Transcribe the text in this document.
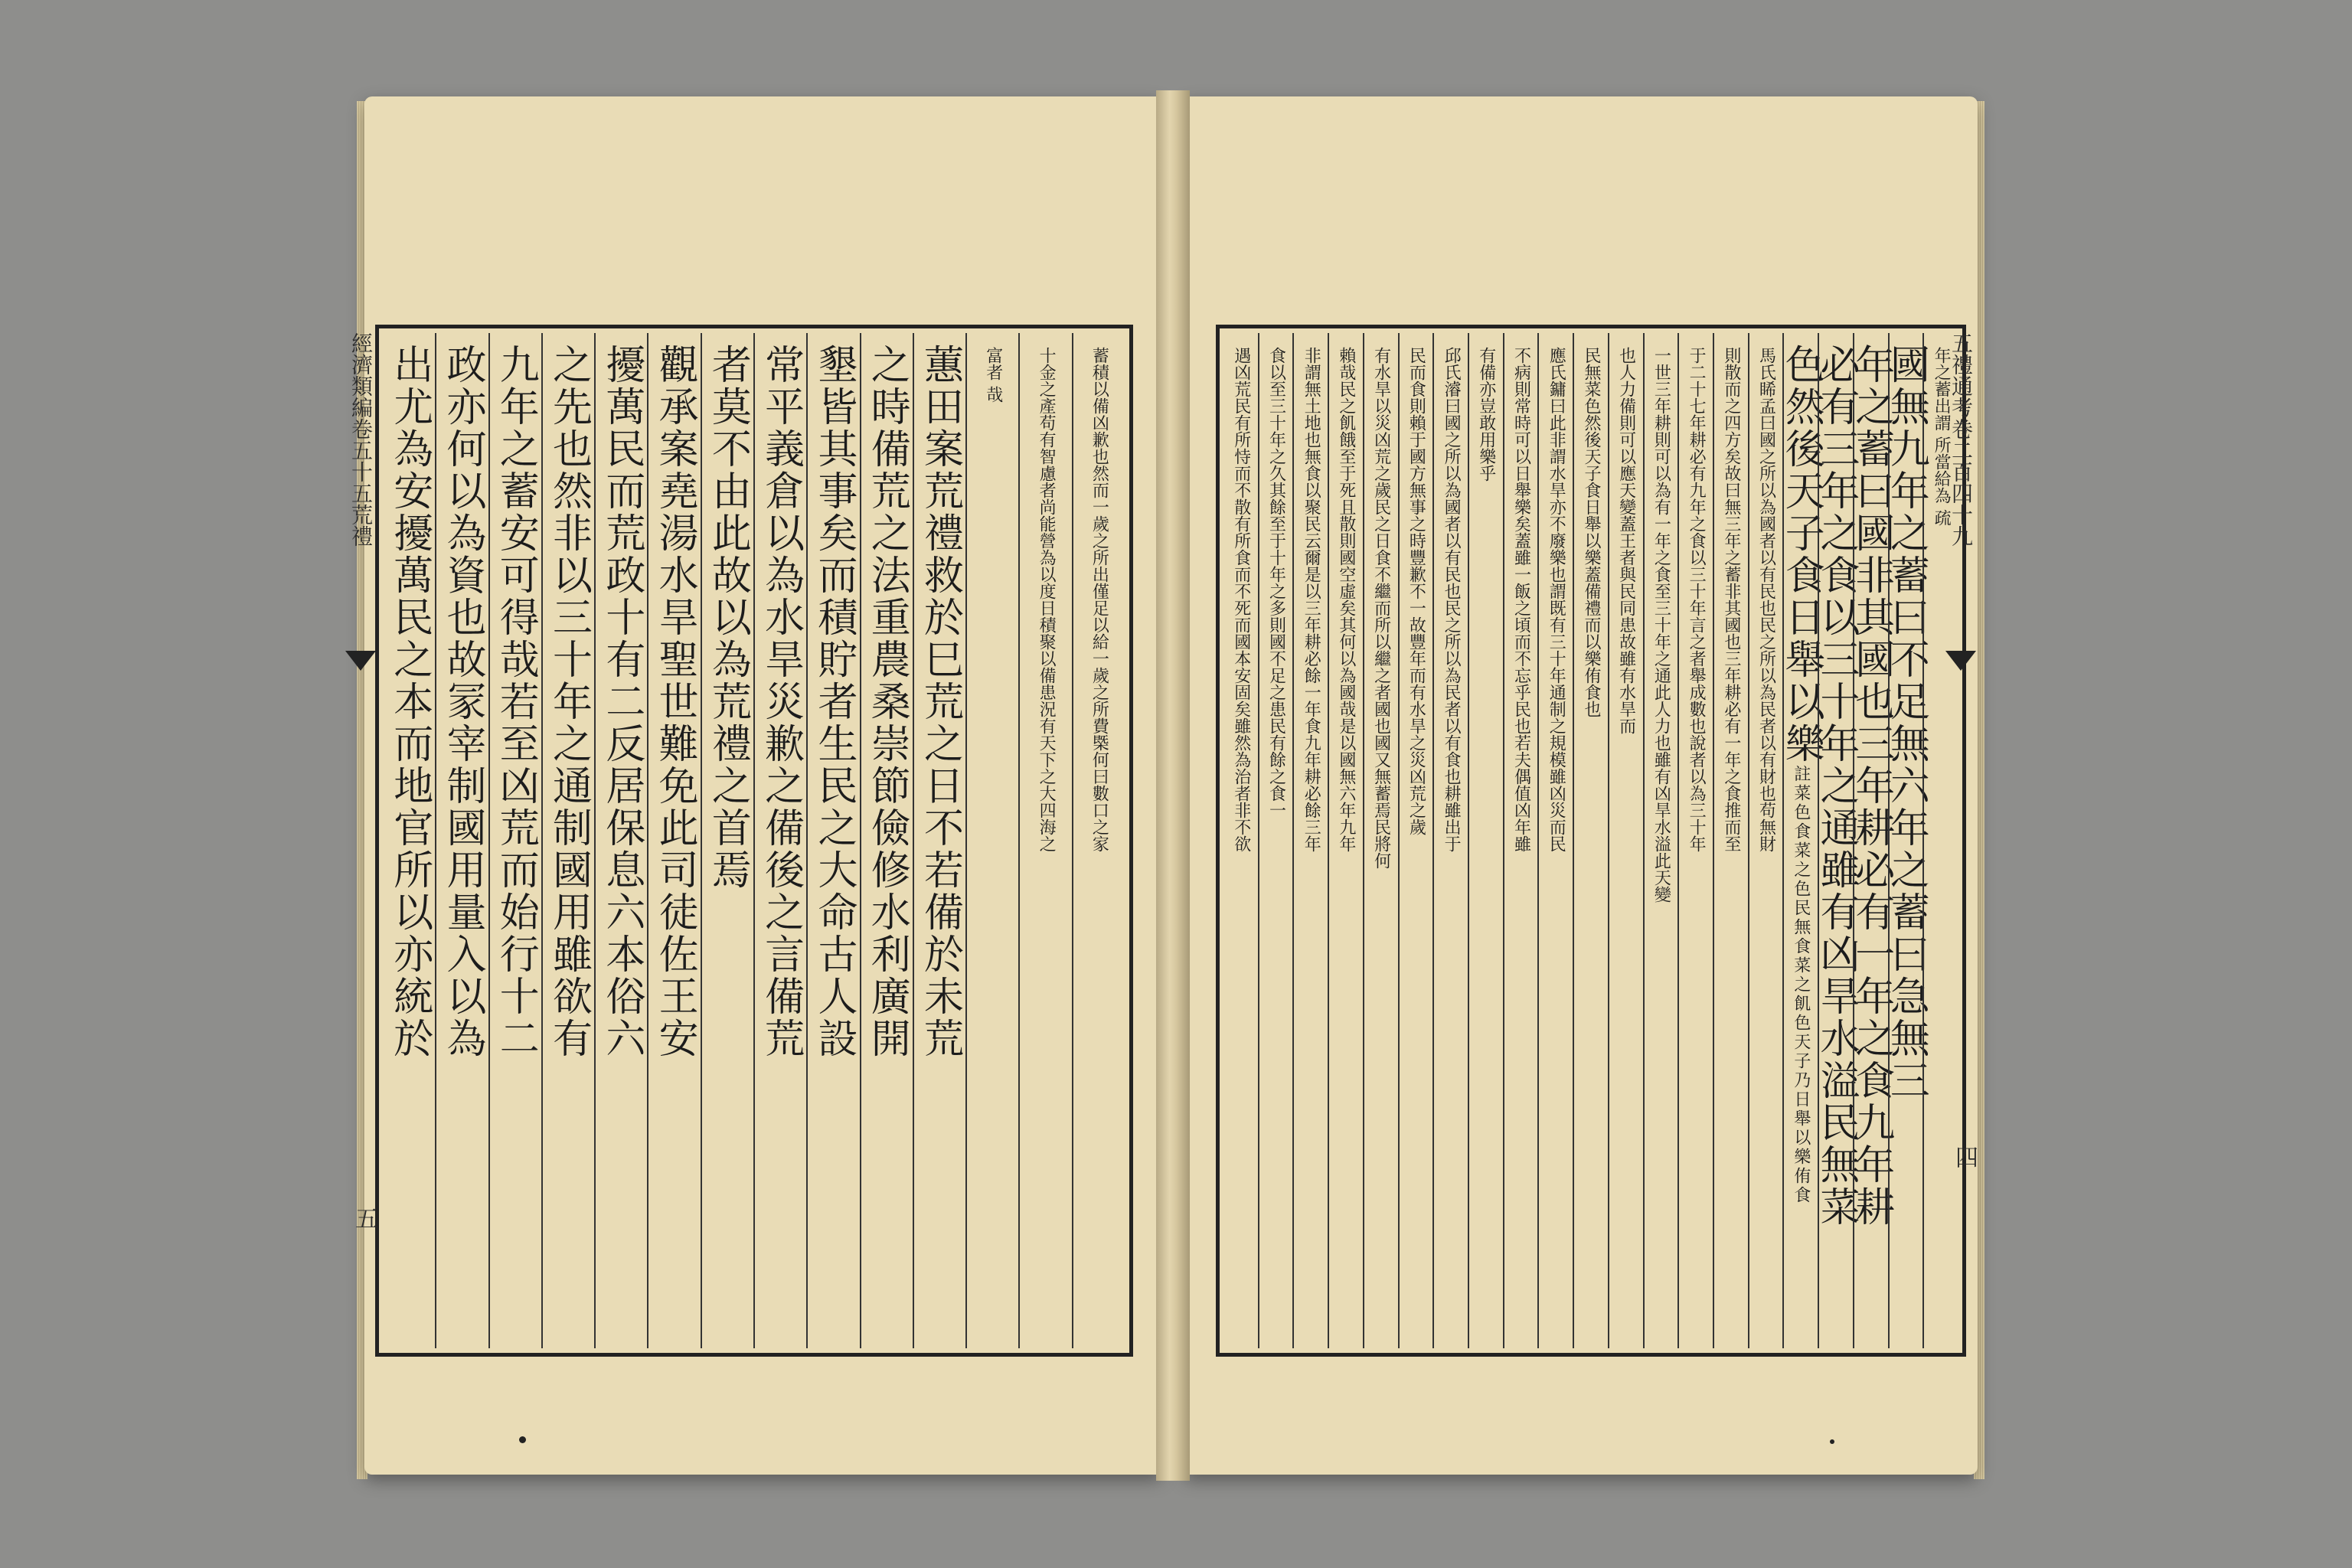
蓄積以備凶歉也然而一歲之所出僅足以給一歲之所費㮣何曰數口之家
十金之產苟有智慮者尚能營為以度日積聚以備患況有天下之大四海之
富者 哉
蕙田案荒禮救於巳荒之日不若備於未荒
之時備荒之法重農桑崇節儉修水利廣開
墾皆其事矣而積貯者生民之大命古人設
常平義倉以為水旱災歉之備後之言備荒
者莫不由此故以為荒禮之首焉
觀承案堯湯水旱聖世難免此司徒佐王安
擾萬民而荒政十有二反居保息六本俗六
之先也然非以三十年之通制國用雖欲有
九年之蓄安可得哉若至凶荒而始行十二
政亦何以為資也故冡宰制國用量入以為
出尤為安擾萬民之本而地官所以亦統於
經濟類編卷五十五荒禮
五
年之蓄出謂 所當給為 疏
國無九年之蓄曰不足無六年之蓄曰急無三
年之蓄曰國非其國也三年耕必有一年之食九年耕
必有三年之食以三十年之通雖有凶旱水溢民無菜
色然後天子食日舉以樂
註菜色食菜之色民無食菜之飢色天子乃日舉以樂侑食
馬氏睎孟曰國之所以為國者以有民也民之所以為民者以有財也苟無財
則散而之四方矣故曰無三年之蓄非其國也三年耕必有一年之食推而至
于二十七年耕必有九年之食以三十年言之者舉成數也說者以為三十年
一世三年耕則可以為有一年之食至三十年之通此人力也雖有凶旱水溢此天變
也人力備則可以應天變蓋王者與民同患故雖有水旱而
民無菜色然後天子食日舉以樂蓋備禮而以樂侑食也
應氏鏞曰此非謂水旱亦不廢樂也謂既有三十年通制之規模雖凶災而民
不病則常時可以日舉樂矣蓋雖一飯之頃而不忘乎民也若夫偶值凶年雖
有備亦豈敢用樂乎
邱氏濬曰國之所以為國者以有民也民之所以為民者以有食也耕雖出于
民而食則賴于國方無事之時豐歉不一故豐年而有水旱之災凶荒之歲
有水旱以災凶荒之歲民之日食不繼而所以繼之者國也國又無蓄焉民將何
賴哉民之飢餓至于死且散則國空虛矣其何以為國哉是以國無六年九年
非謂無土地也無食以聚民云爾是以三年耕必餘一年食九年耕必餘三年
食以至三十年之久其餘至于十年之多則國不足之患民有餘之食一
遇凶荒民有所恃而不散有所食而不死而國本安固矣雖然為治者非不欲	五禮通考卷二百四十九
四
